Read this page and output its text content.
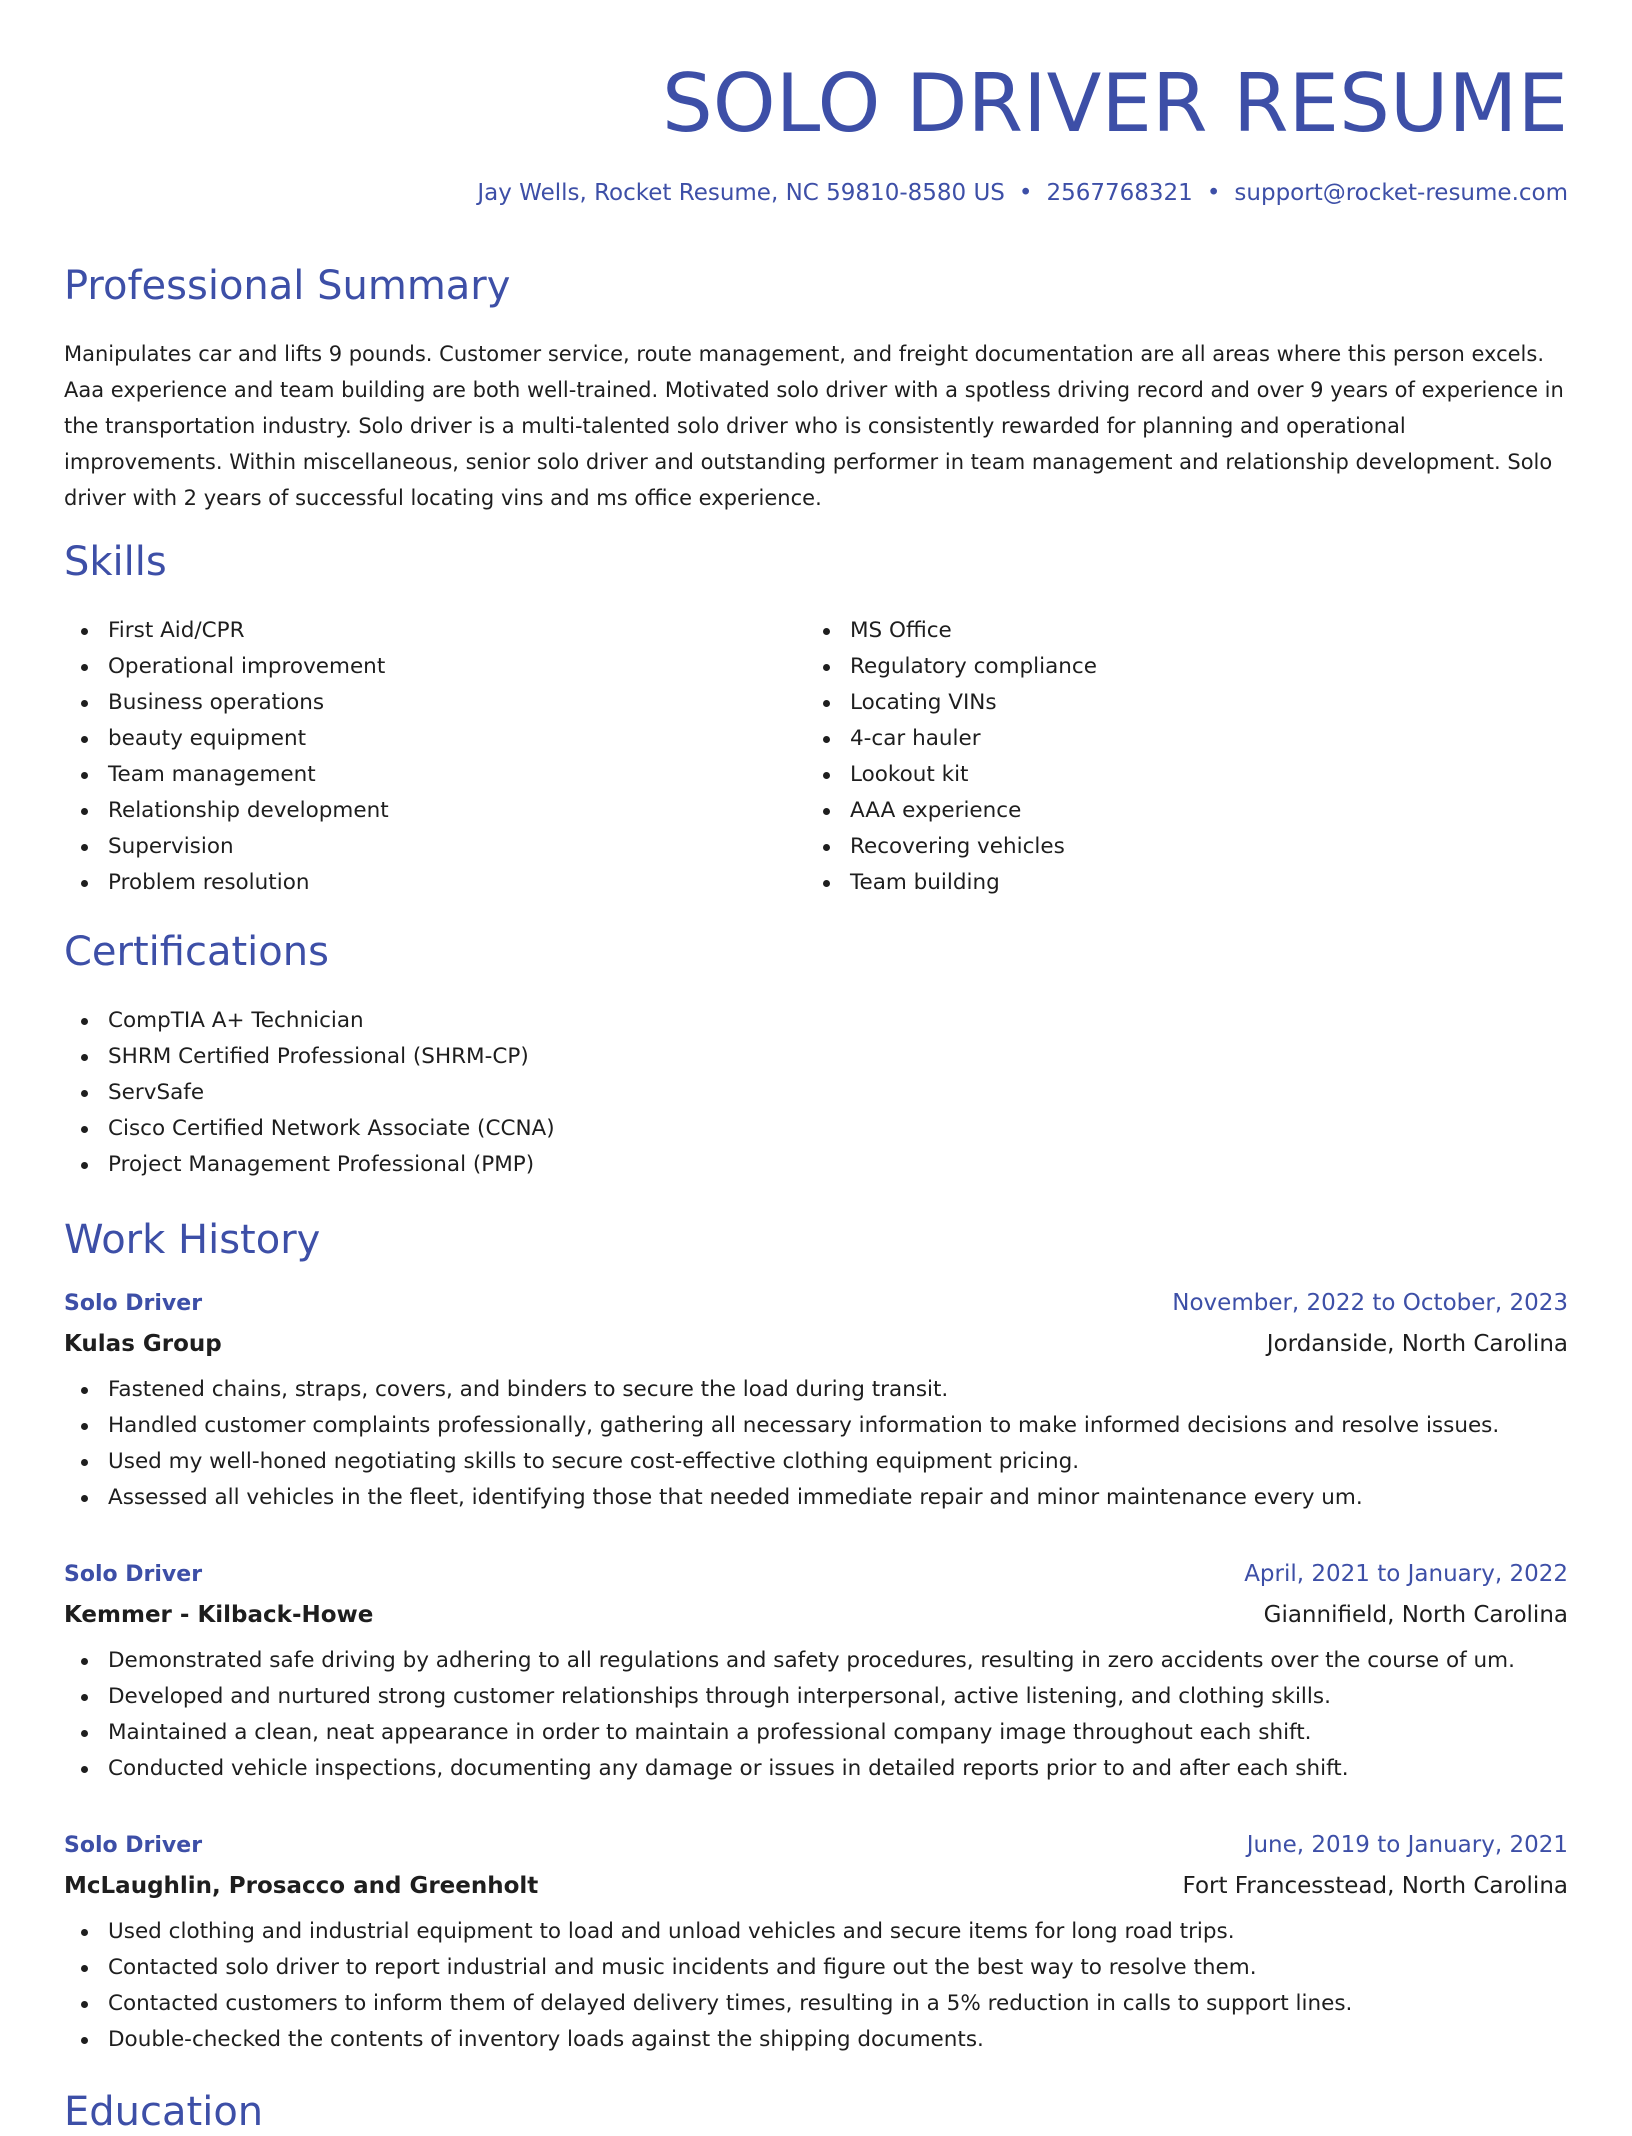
SOLO DRIVER RESUME
Jay Wells, Rocket Resume, NC 59810-8580 US • 2567768321 • support@rocket-resume.com
Professional Summary

Manipulates car and lifts 9 pounds. Customer service, route management, and freight documentation are all areas where this person excels. Aaa experience and team building are both well-trained. Motivated solo driver with a spotless driving record and over 9 years of experience in the transportation industry. Solo driver is a multi-talented solo driver who is consistently rewarded for planning and operational improvements. Within miscellaneous, senior solo driver and outstanding performer in team management and relationship development. Solo driver with 2 years of successful locating vins and ms office experience.

Skills
First Aid/CPR
Operational improvement
Business operations
beauty equipment
Team management
Relationship development
Supervision
Problem resolution
MS Office
Regulatory compliance
Locating VINs
4-car hauler
Lookout kit
AAA experience
Recovering vehicles
Team building
Certifications
CompTIA A+ Technician
SHRM Certified Professional (SHRM-CP)
ServSafe
Cisco Certified Network Associate (CCNA)
Project Management Professional (PMP)
Work History
Solo Driver	November, 2022 to October, 2023
Kulas Group	Jordanside, North Carolina
Fastened chains, straps, covers, and binders to secure the load during transit.
Handled customer complaints professionally, gathering all necessary information to make informed decisions and resolve issues.
Used my well-honed negotiating skills to secure cost-effective clothing equipment pricing.
Assessed all vehicles in the fleet, identifying those that needed immediate repair and minor maintenance every um.
Solo Driver	April, 2021 to January, 2022
Kemmer - Kilback-Howe	Giannifield, North Carolina
Demonstrated safe driving by adhering to all regulations and safety procedures, resulting in zero accidents over the course of um.
Developed and nurtured strong customer relationships through interpersonal, active listening, and clothing skills.
Maintained a clean, neat appearance in order to maintain a professional company image throughout each shift.
Conducted vehicle inspections, documenting any damage or issues in detailed reports prior to and after each shift.
Solo Driver	June, 2019 to January, 2021
McLaughlin, Prosacco and Greenholt	Fort Francesstead, North Carolina
Used clothing and industrial equipment to load and unload vehicles and secure items for long road trips.
Contacted solo driver to report industrial and music incidents and figure out the best way to resolve them.
Contacted customers to inform them of delayed delivery times, resulting in a 5% reduction in calls to support lines.
Double-checked the contents of inventory loads against the shipping documents.
Education
